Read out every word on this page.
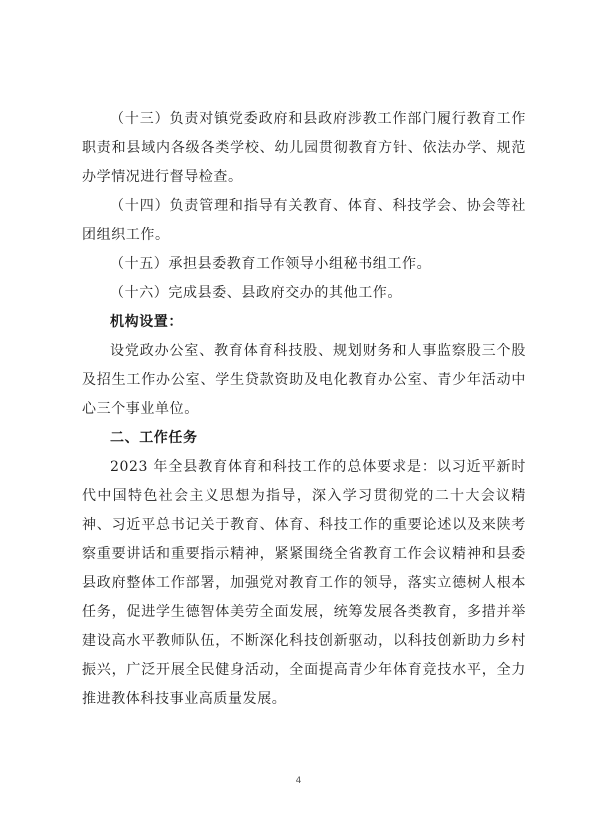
（十三）负责对镇党委政府和县政府涉教工作部门履行教育工作职责和县域内各级各类学校、幼儿园贯彻教育方针、依法办学、规范办学情况进行督导检查。

（十四）负责管理和指导有关教育、体育、科技学会、协会等社团组织工作。

（十五）承担县委教育工作领导小组秘书组工作。

（十六）完成县委、县政府交办的其他工作。

机构设置：

设党政办公室、教育体育科技股、规划财务和人事监察股三个股及招生工作办公室、学生贷款资助及电化教育办公室、青少年活动中心三个事业单位。

二、工作任务

2023 年全县教育体育和科技工作的总体要求是：以习近平新时代中国特色社会主义思想为指导，深入学习贯彻党的二十大会议精神、习近平总书记关于教育、体育、科技工作的重要论述以及来陕考察重要讲话和重要指示精神，紧紧围绕全省教育工作会议精神和县委县政府整体工作部署，加强党对教育工作的领导，落实立德树人根本任务，促进学生德智体美劳全面发展，统筹发展各类教育，多措并举建设高水平教师队伍，不断深化科技创新驱动，以科技创新助力乡村振兴，广泛开展全民健身活动，全面提高青少年体育竞技水平，全力推进教体科技事业高质量发展。

4
